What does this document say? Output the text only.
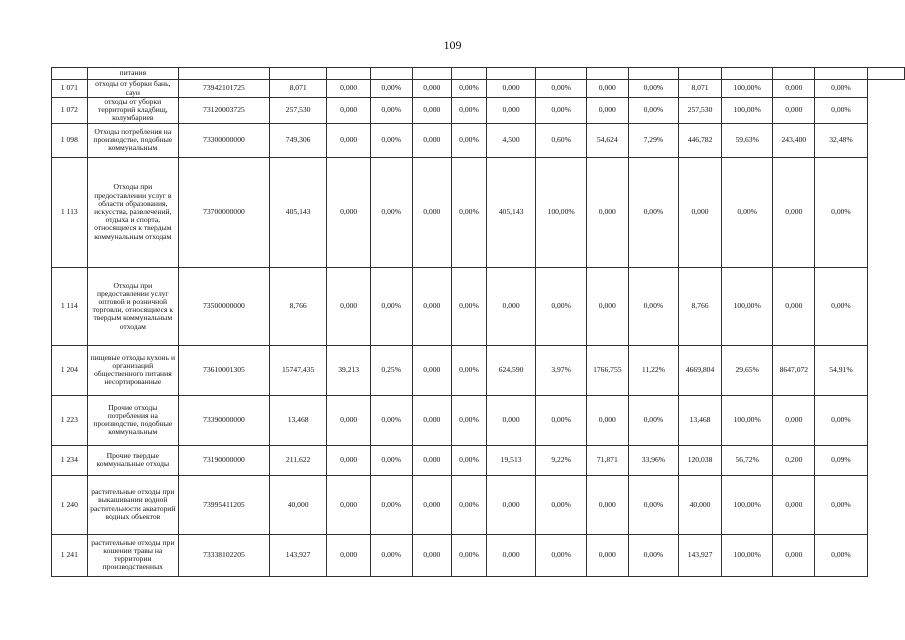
109
	питания															
1 071	отходы от уборки бань, саун	73942101725	8,071	0,000	0,00%	0,000	0,00%	0,000	0,00%	0,000	0,00%	8,071	100,00%	0,000	0,00%	
1 072	отходы от уборки территорий кладбищ, колумбариев	73120003725	257,530	0,000	0,00%	0,000	0,00%	0,000	0,00%	0,000	0,00%	257,530	100,00%	0,000	0,00%	
1 098	Отходы потребления на производстве, подобные коммунальным	73300000000	749,306	0,000	0,00%	0,000	0,00%	4,500	0,60%	54,624	7,29%	446,782	59,63%	243,400	32,48%	
1 113	Отходы при предоставлении услуг в области образования, искусства, развлечений, отдыха и спорта, относящиеся к твердым коммунальным отходам	73700000000	405,143	0,000	0,00%	0,000	0,00%	405,143	100,00%	0,000	0,00%	0,000	0,00%	0,000	0,00%	
1 114	Отходы при предоставлении услуг оптовой и розничной торговли, относящиеся к твердым коммунальным отходам	73500000000	8,766	0,000	0,00%	0,000	0,00%	0,000	0,00%	0,000	0,00%	8,766	100,00%	0,000	0,00%	
1 204	пищевые отходы кухонь и организаций общественного питания несортированные	73610001305	15747,435	39,213	0,25%	0,000	0,00%	624,590	3,97%	1766,755	11,22%	4669,804	29,65%	8647,072	54,91%	
1 223	Прочие отходы потребления на производстве, подобные коммунальным	73390000000	13,468	0,000	0,00%	0,000	0,00%	0,000	0,00%	0,000	0,00%	13,468	100,00%	0,000	0,00%	
1 234	Прочие твердые коммунальные отходы	73190000000	211,622	0,000	0,00%	0,000	0,00%	19,513	9,22%	71,871	33,96%	120,038	56,72%	0,200	0,09%	
1 240	растительные отходы при выкашивании водной растительности акваторий водных объектов	73995411205	40,000	0,000	0,00%	0,000	0,00%	0,000	0,00%	0,000	0,00%	40,000	100,00%	0,000	0,00%	
1 241	растительные отходы при кошении травы на территории производственных	73338102205	143,927	0,000	0,00%	0,000	0,00%	0,000	0,00%	0,000	0,00%	143,927	100,00%	0,000	0,00%	
